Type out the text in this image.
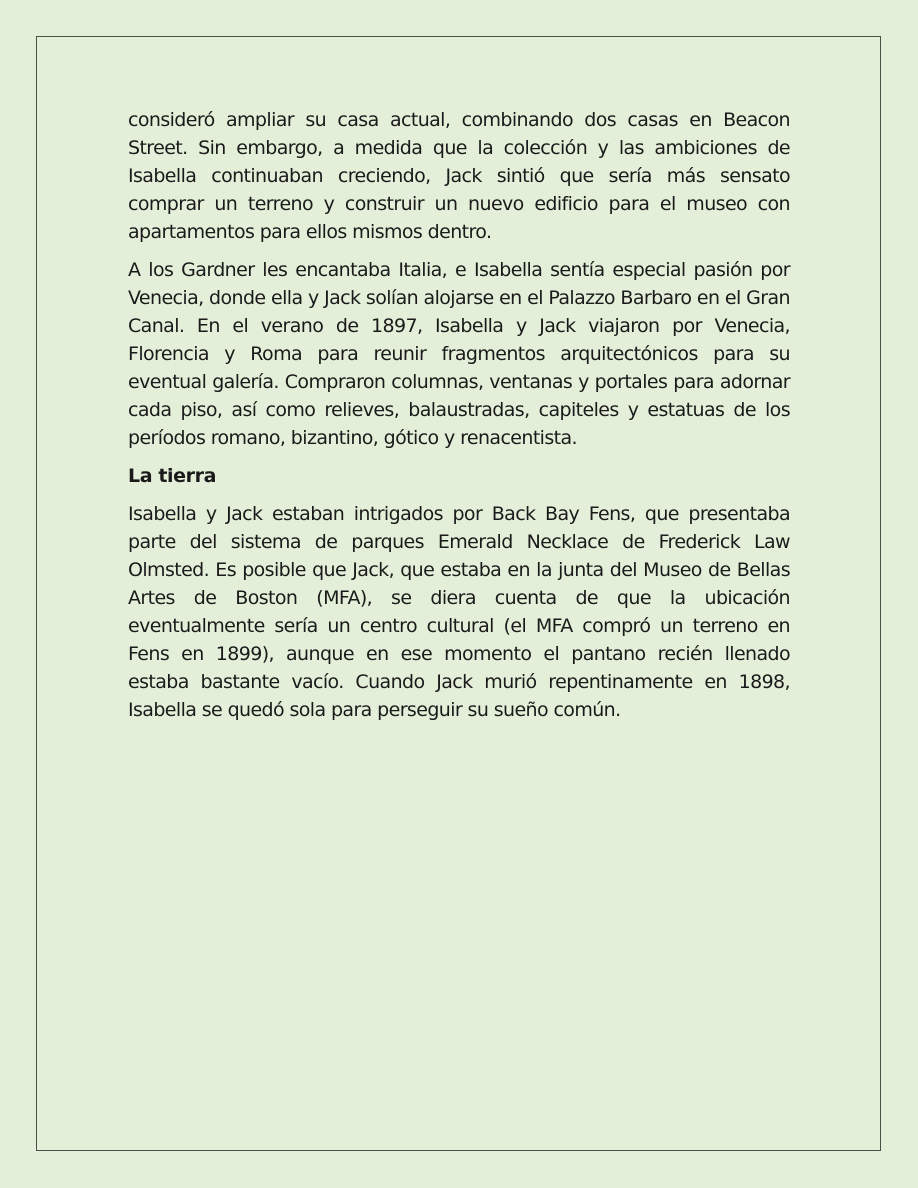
consideró ampliar su casa actual, combinando dos casas en Beacon Street. Sin embargo, a medida que la colección y las ambiciones de Isabella continuaban creciendo, Jack sintió que sería más sensato comprar un terreno y construir un nuevo edificio para el museo con apartamentos para ellos mismos dentro.

A los Gardner les encantaba Italia, e Isabella sentía especial pasión por Venecia, donde ella y Jack solían alojarse en el Palazzo Barbaro en el Gran Canal. En el verano de 1897, Isabella y Jack viajaron por Venecia, Florencia y Roma para reunir fragmentos arquitectónicos para su eventual galería. Compraron columnas, ventanas y portales para adornar cada piso, así como relieves, balaustradas, capiteles y estatuas de los períodos romano, bizantino, gótico y renacentista.

La tierra

Isabella y Jack estaban intrigados por Back Bay Fens, que presentaba parte del sistema de parques Emerald Necklace de Frederick Law Olmsted. Es posible que Jack, que estaba en la junta del Museo de Bellas Artes de Boston (MFA), se diera cuenta de que la ubicación eventualmente sería un centro cultural (el MFA compró un terreno en Fens en 1899), aunque en ese momento el pantano recién llenado estaba bastante vacío. Cuando Jack murió repentinamente en 1898, Isabella se quedó sola para perseguir su sueño común.
